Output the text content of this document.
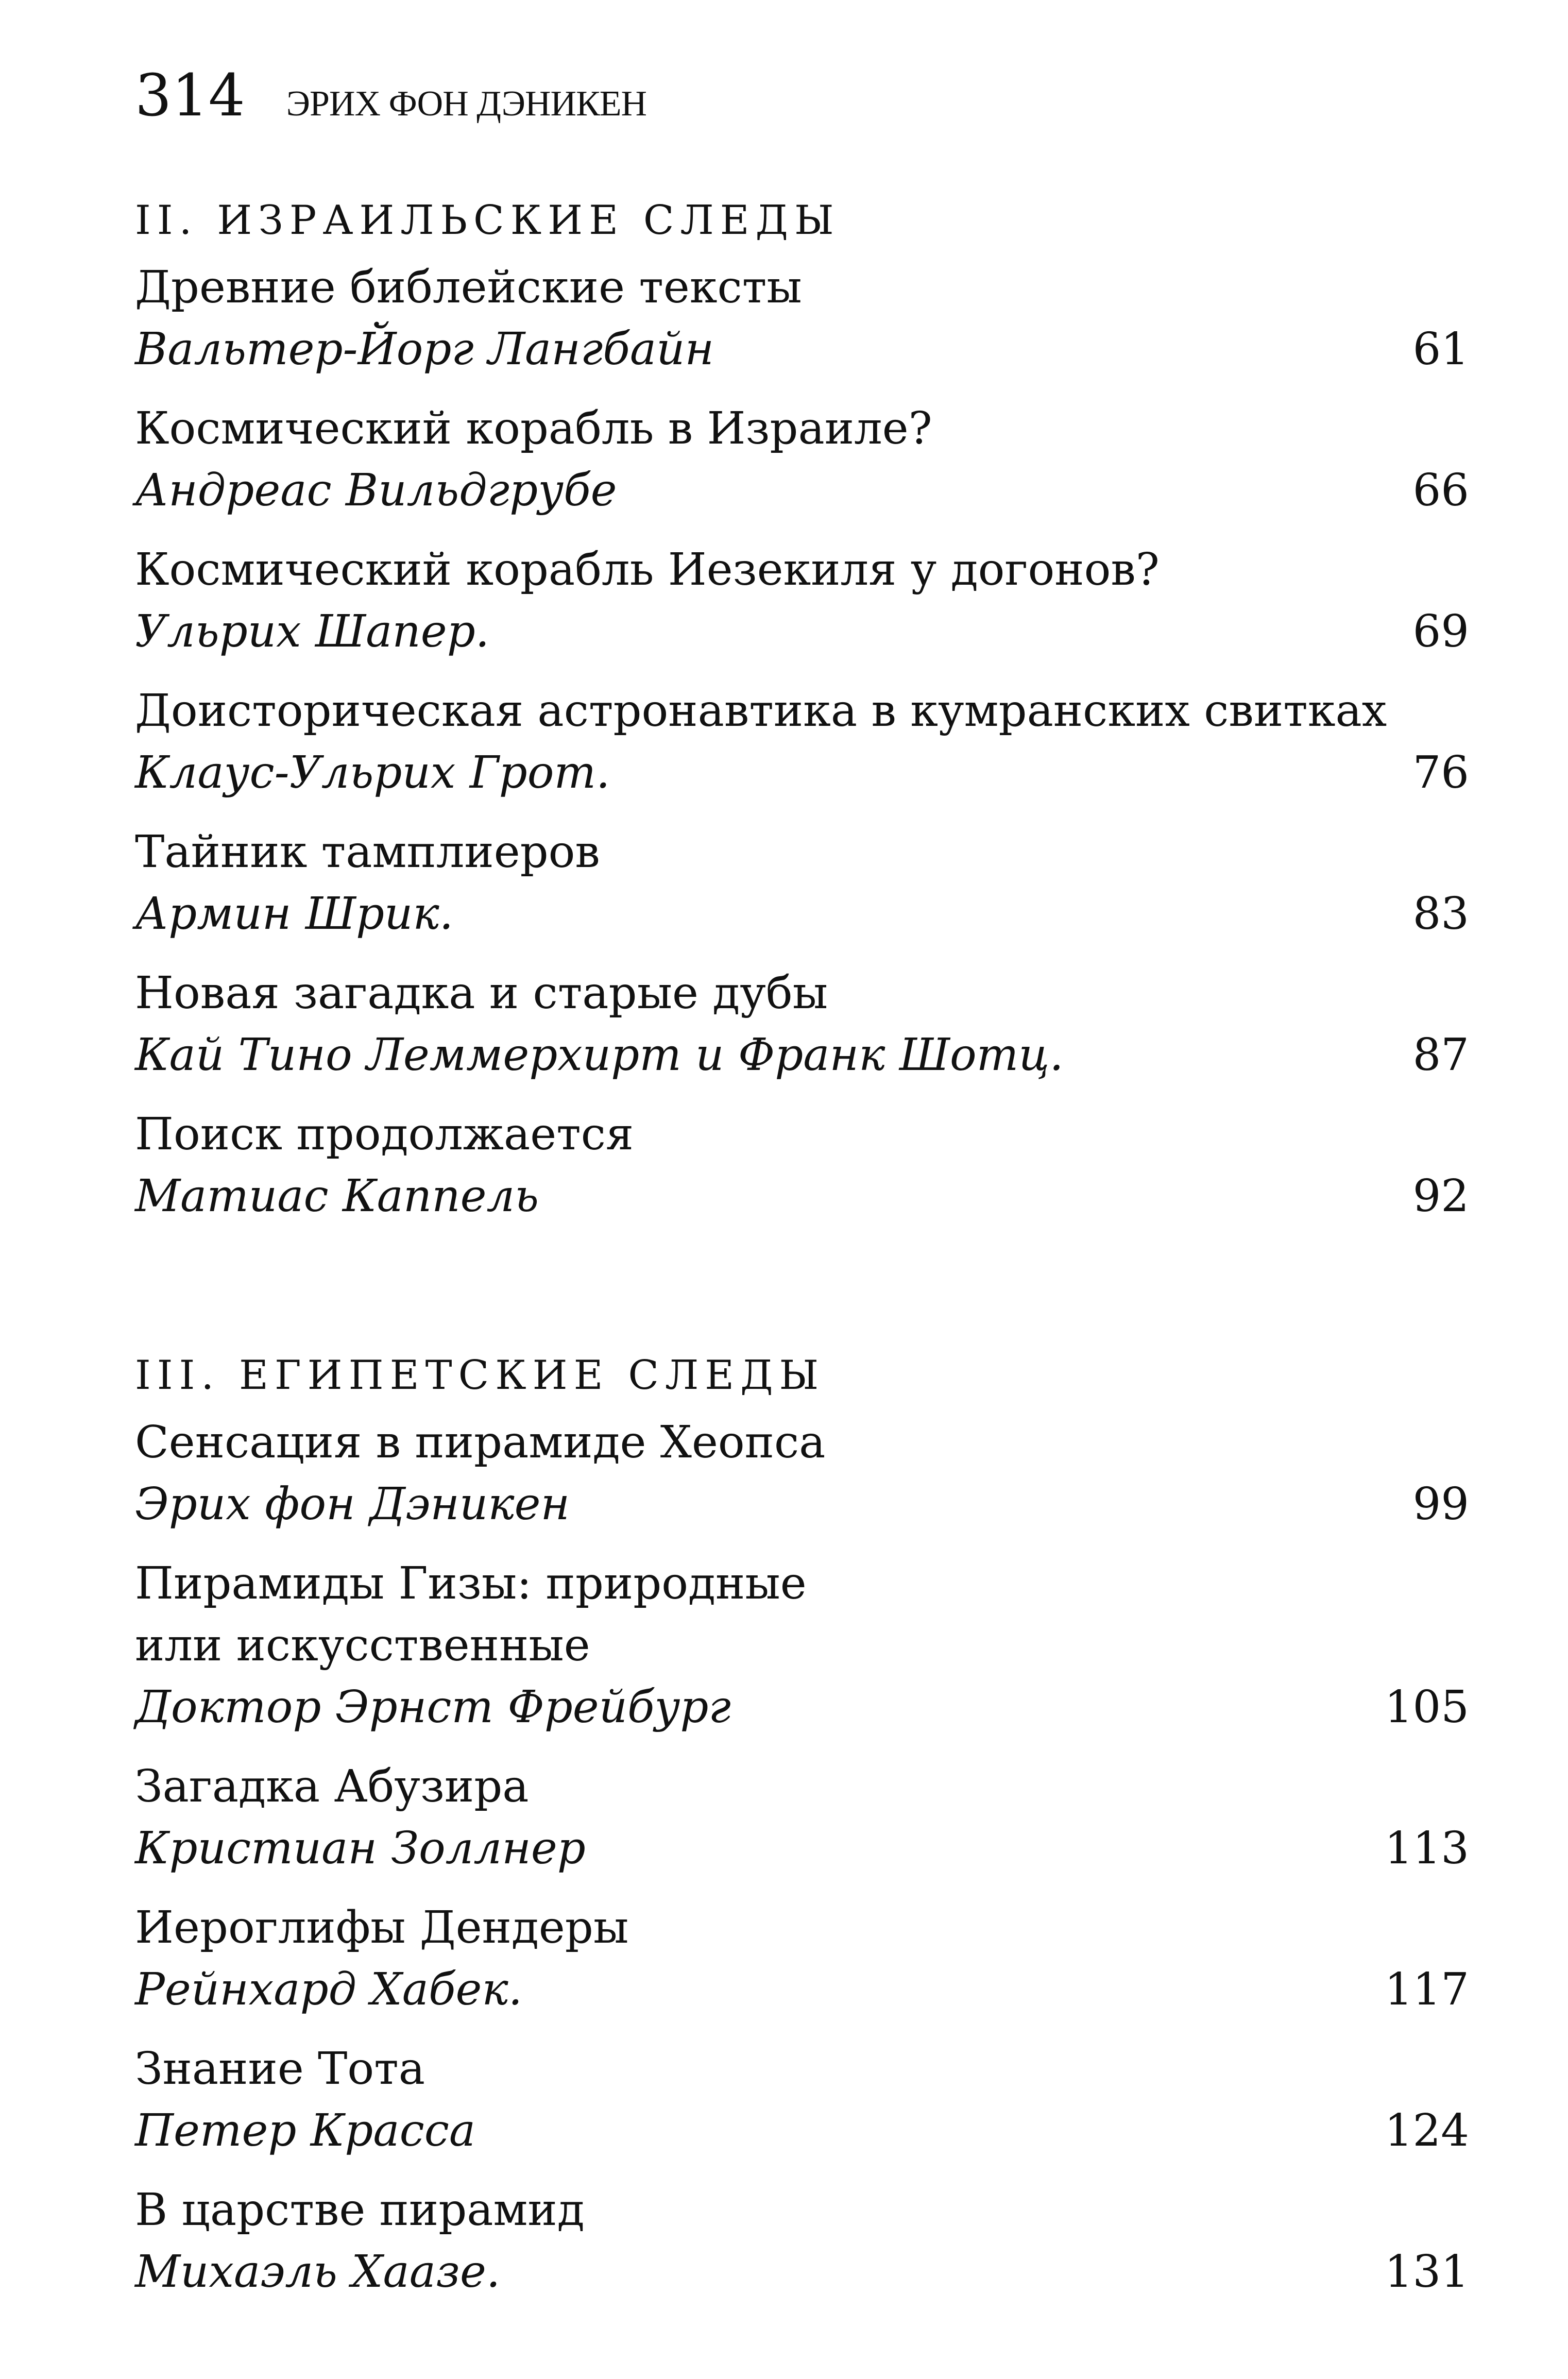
314 ЭРИХ ФОН ДЭНИКЕН
II. ИЗРАИЛЬСКИЕ СЛЕДЫ
Древние библейские тексты
Вальтер-Йорг Лангбайн	61
Космический корабль в Израиле?
Андреас Вильдгрубе	66
Космический корабль Иезекиля у догонов?
Ульрих Шапер.	69
Доисторическая астронавтика в кумранских свитках
Клаус-Ульрих Грот.	76
Тайник тамплиеров
Армин Шрик.	83
Новая загадка и старые дубы
Кай Тино Леммерхирт и Франк Шотц.	87
Поиск продолжается
Матиас Каппель	92
III. ЕГИПЕТСКИЕ СЛЕДЫ
Сенсация в пирамиде Хеопса
Эрих фон Дэникен	99
Пирамиды Гизы: природные
или искусственные
Доктор Эрнст Фрейбург	105
Загадка Абузира
Кристиан Золлнер	113
Иероглифы Дендеры
Рейнхард Хабек.	117
Знание Тота
Петер Красса	124
В царстве пирамид
Михаэль Хаазе.	131
